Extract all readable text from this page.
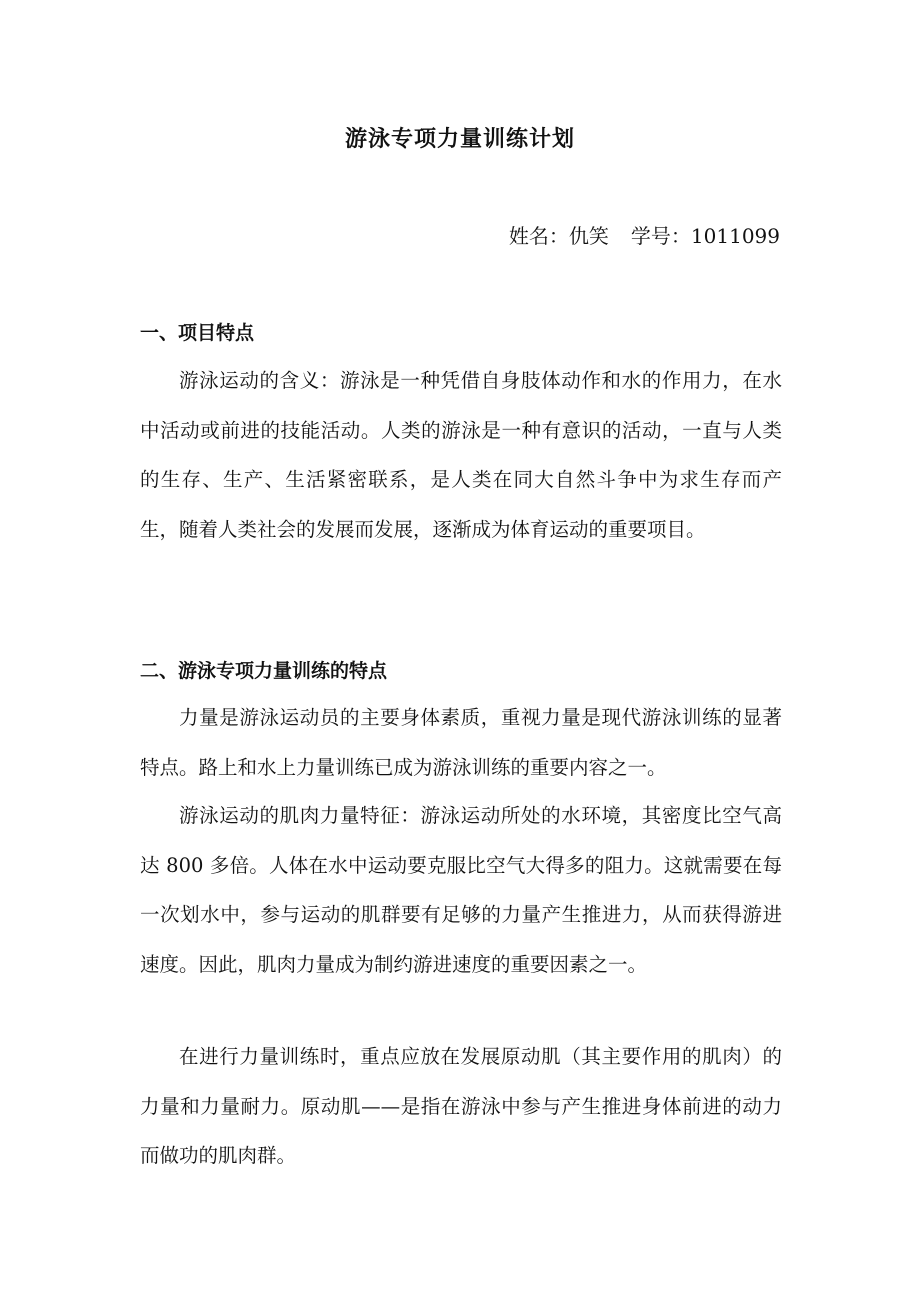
游泳专项力量训练计划
姓名：仇笑 学号：1011099
一、项目特点

游泳运动的含义：游泳是一种凭借自身肢体动作和水的作用力，在水中活动或前进的技能活动。人类的游泳是一种有意识的活动，一直与人类的生存、生产、生活紧密联系，是人类在同大自然斗争中为求生存而产生，随着人类社会的发展而发展，逐渐成为体育运动的重要项目。

二、游泳专项力量训练的特点

力量是游泳运动员的主要身体素质，重视力量是现代游泳训练的显著特点。路上和水上力量训练已成为游泳训练的重要内容之一。

游泳运动的肌肉力量特征：游泳运动所处的水环境，其密度比空气高达 800 多倍。人体在水中运动要克服比空气大得多的阻力。这就需要在每一次划水中，参与运动的肌群要有足够的力量产生推进力，从而获得游进速度。因此，肌肉力量成为制约游进速度的重要因素之一。

在进行力量训练时，重点应放在发展原动肌（其主要作用的肌肉）的力量和力量耐力。原动肌——是指在游泳中参与产生推进身体前进的动力而做功的肌肉群。
